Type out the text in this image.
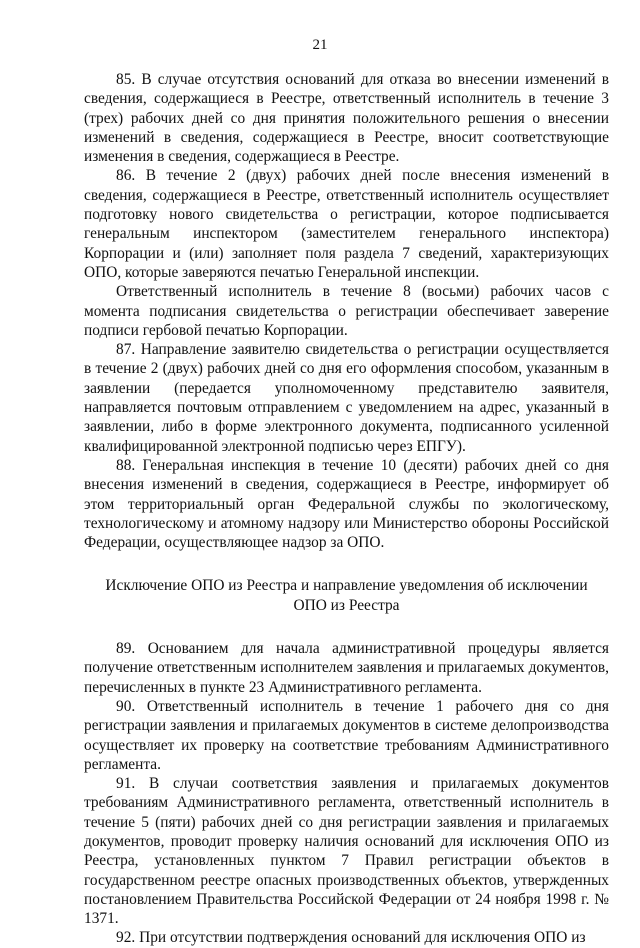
21

85. В случае отсутствия оснований для отказа во внесении изменений в сведения, содержащиеся в Реестре, ответственный исполнитель в течение 3 (трех) рабочих дней со дня принятия положительного решения о внесении изменений в сведения, содержащиеся в Реестре, вносит соответствующие изменения в сведения, содержащиеся в Реестре.

86. В течение 2 (двух) рабочих дней после внесения изменений в сведения, содержащиеся в Реестре, ответственный исполнитель осуществляет подготовку нового свидетельства о регистрации, которое подписывается генеральным инспектором (заместителем генерального инспектора) Корпорации и (или) заполняет поля раздела 7 сведений, характеризующих ОПО, которые заверяются печатью Генеральной инспекции.

Ответственный исполнитель в течение 8 (восьми) рабочих часов с момента подписания свидетельства о регистрации обеспечивает заверение подписи гербовой печатью Корпорации.

87. Направление заявителю свидетельства о регистрации осуществляется в течение 2 (двух) рабочих дней со дня его оформления способом, указанным в заявлении (передается уполномоченному представителю заявителя, направляется почтовым отправлением с уведомлением на адрес, указанный в заявлении, либо в форме электронного документа, подписанного усиленной квалифицированной электронной подписью через ЕПГУ).

88. Генеральная инспекция в течение 10 (десяти) рабочих дней со дня внесения изменений в сведения, содержащиеся в Реестре, информирует об этом территориальный орган Федеральной службы по экологическому, технологическому и атомному надзору или Министерство обороны Российской Федерации, осуществляющее надзор за ОПО.

Исключение ОПО из Реестра и направление уведомления об исключении
ОПО из Реестра

89. Основанием для начала административной процедуры является получение ответственным исполнителем заявления и прилагаемых документов, перечисленных в пункте 23 Административного регламента.

90. Ответственный исполнитель в течение 1 рабочего дня со дня регистрации заявления и прилагаемых документов в системе делопроизводства осуществляет их проверку на соответствие требованиям Административного регламента.

91. В случаи соответствия заявления и прилагаемых документов требованиям Административного регламента, ответственный исполнитель в течение 5 (пяти) рабочих дней со дня регистрации заявления и прилагаемых документов, проводит проверку наличия оснований для исключения ОПО из Реестра, установленных пунктом 7 Правил регистрации объектов в государственном реестре опасных производственных объектов, утвержденных постановлением Правительства Российской Федерации от 24 ноября 1998 г. № 1371.

92. При отсутствии подтверждения оснований для исключения ОПО из
